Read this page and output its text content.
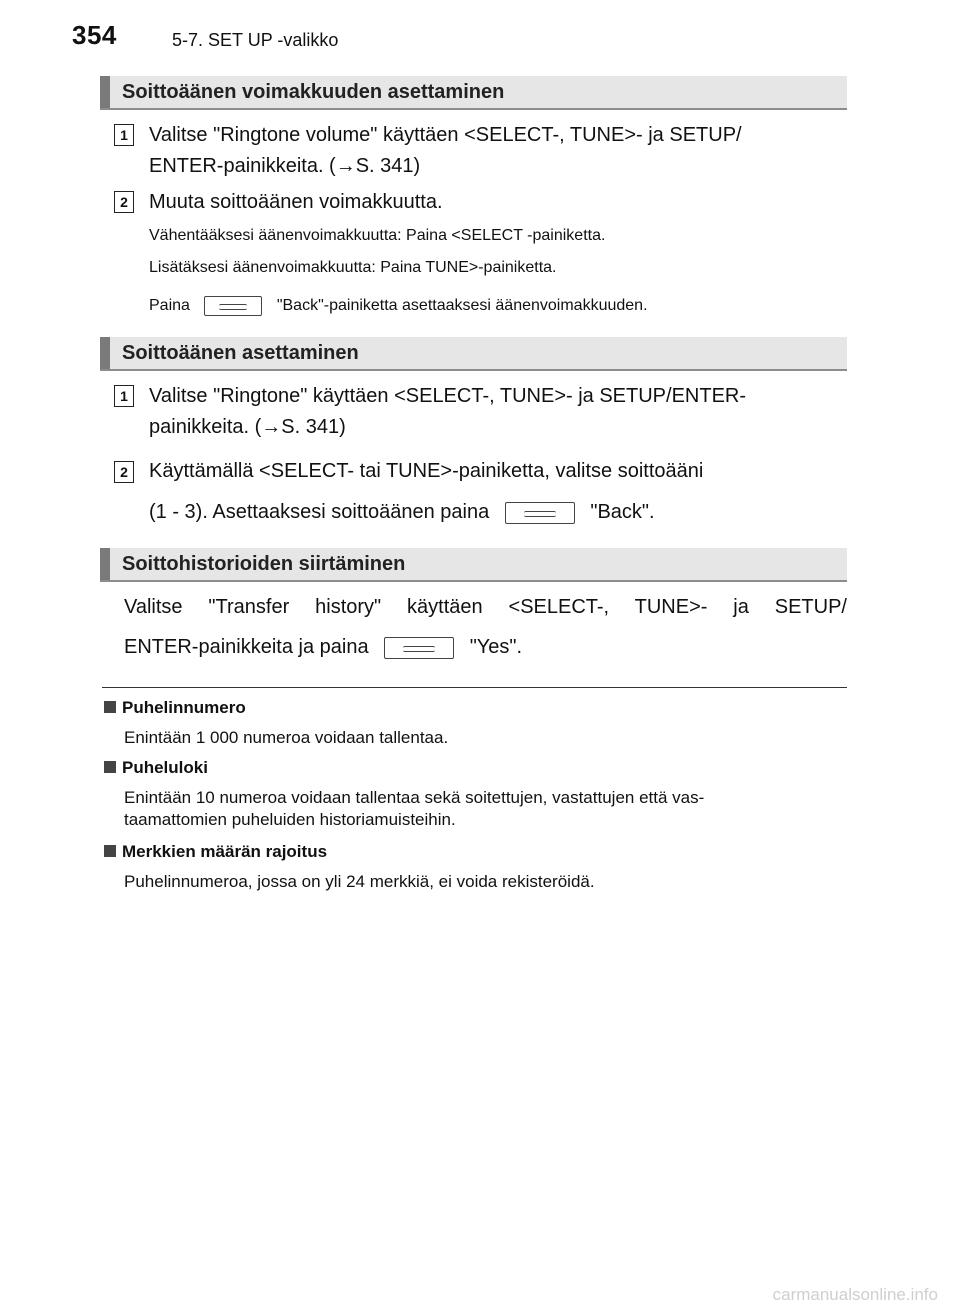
354	5-7. SET UP -valikko
Soittoäänen voimakkuuden asettaminen
1	Valitse "Ringtone volume" käyttäen <SELECT-, TUNE>- ja SETUP/
ENTER-painikkeita. (→S. 341)
2	Muuta soittoäänen voimakkuutta.
Vähentääksesi äänenvoimakkuutta: Paina <SELECT -painiketta.
Lisätäksesi äänenvoimakkuutta: Paina TUNE>-painiketta.
Paina	"Back"-painiketta asettaaksesi äänenvoimakkuuden.
Soittoäänen asettaminen
1	Valitse "Ringtone" käyttäen <SELECT-, TUNE>- ja SETUP/ENTER-
painikkeita. (→S. 341)
2	Käyttämällä <SELECT- tai TUNE>-painiketta, valitse soittoääni
(1 - 3). Asettaaksesi soittoäänen paina	"Back".
Soittohistorioiden siirtäminen
Valitse "Transfer history" käyttäen <SELECT-, TUNE>- ja SETUP/
ENTER-painikkeita ja paina	"Yes".
Puhelinnumero
Enintään 1 000 numeroa voidaan tallentaa.
Puheluloki
Enintään 10 numeroa voidaan tallentaa sekä soitettujen, vastattujen että vas-
taamattomien puheluiden historiamuisteihin.
Merkkien määrän rajoitus
Puhelinnumeroa, jossa on yli 24 merkkiä, ei voida rekisteröidä.
carmanualsonline.info
